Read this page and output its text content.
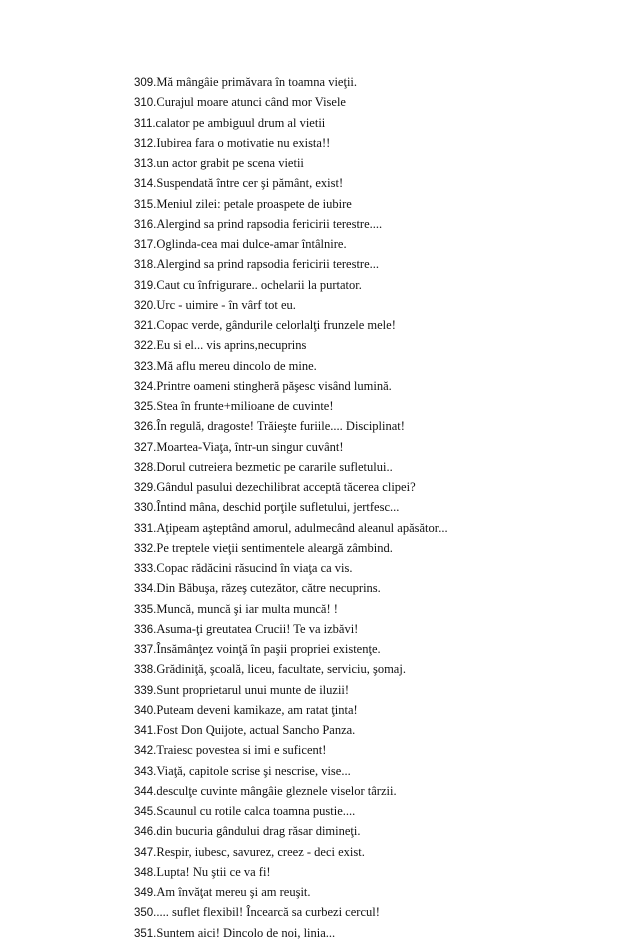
309.Mă mângâie primăvara în toamna vieţii.
310.Curajul moare atunci când mor Visele
311.calator pe ambiguul drum al vietii
312.Iubirea fara o motivatie nu exista!!
313.un actor grabit pe scena vietii
314.Suspendată între cer şi pământ, exist!
315.Meniul zilei: petale proaspete de iubire
316.Alergind sa prind rapsodia fericirii terestre....
317.Oglinda-cea mai dulce-amar întâlnire.
318.Alergind sa prind rapsodia fericirii terestre...
319.Caut cu înfrigurare.. ochelarii la purtator.
320.Urc - uimire - în vârf tot eu.
321.Copac verde, gândurile celorlalţi frunzele mele!
322.Eu si el... vis aprins,necuprins
323.Mă aflu mereu dincolo de mine.
324.Printre oameni stingheră păşesc visând lumină.
325.Stea în frunte+milioane de cuvinte!
326.În regulă, dragoste! Trăieşte furiile.... Disciplinat!
327.Moartea-Viaţa, într-un singur cuvânt!
328.Dorul cutreiera bezmetic pe cararile sufletului..
329.Gândul pasului dezechilibrat acceptă tăcerea clipei?
330.Întind mâna, deschid porţile sufletului, jertfesc...
331.Aţipeam aşteptând amorul, adulmecând aleanul apăsător...
332.Pe treptele vieţii sentimentele aleargă zâmbind.
333.Copac rădăcini răsucind în viaţa ca vis.
334.Din Băbuşa, răzeş cutezător, către necuprins.
335.Muncă, muncă şi iar multa muncă! !
336.Asuma-ţi greutatea Crucii! Te va izbăvi!
337.Însămânţez voinţă în paşii propriei existenţe.
338.Grădiniţă, şcoală, liceu, facultate, serviciu, şomaj.
339.Sunt proprietarul unui munte de iluzii!
340.Puteam deveni kamikaze, am ratat ţinta!
341.Fost Don Quijote, actual Sancho Panza.
342.Traiesc povestea si imi e suficent!
343.Viaţă, capitole scrise şi nescrise, vise...
344.desculţe cuvinte mângâie gleznele viselor târzii.
345.Scaunul cu rotile calca toamna pustie....
346.din bucuria gândului drag răsar dimineţi.
347.Respir, iubesc, savurez, creez - deci exist.
348.Lupta! Nu ştii ce va fi!
349.Am învăţat mereu şi am reuşit.
350..... suflet flexibil! Încearcă sa curbezi cercul!
351.Suntem aici! Dincolo de noi, linia...
